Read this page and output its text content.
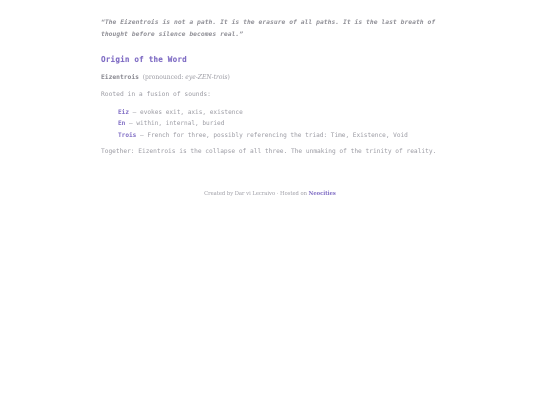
“The Eizentrois is not a path. It is the erasure of all paths. It is the last breath of thought before silence becomes real.”
Origin of the Word
Eizentrois (pronounced: eye-ZEN-trois)
Rooted in a fusion of sounds:
Eiz — evokes exit, axis, existence
En — within, internal, buried
Trois — French for three, possibly referencing the triad: Time, Existence, Void
Together: Eizentrois is the collapse of all three. The unmaking of the trinity of reality.
Created by Dar vi Lecraivo · Hosted on Neocities
